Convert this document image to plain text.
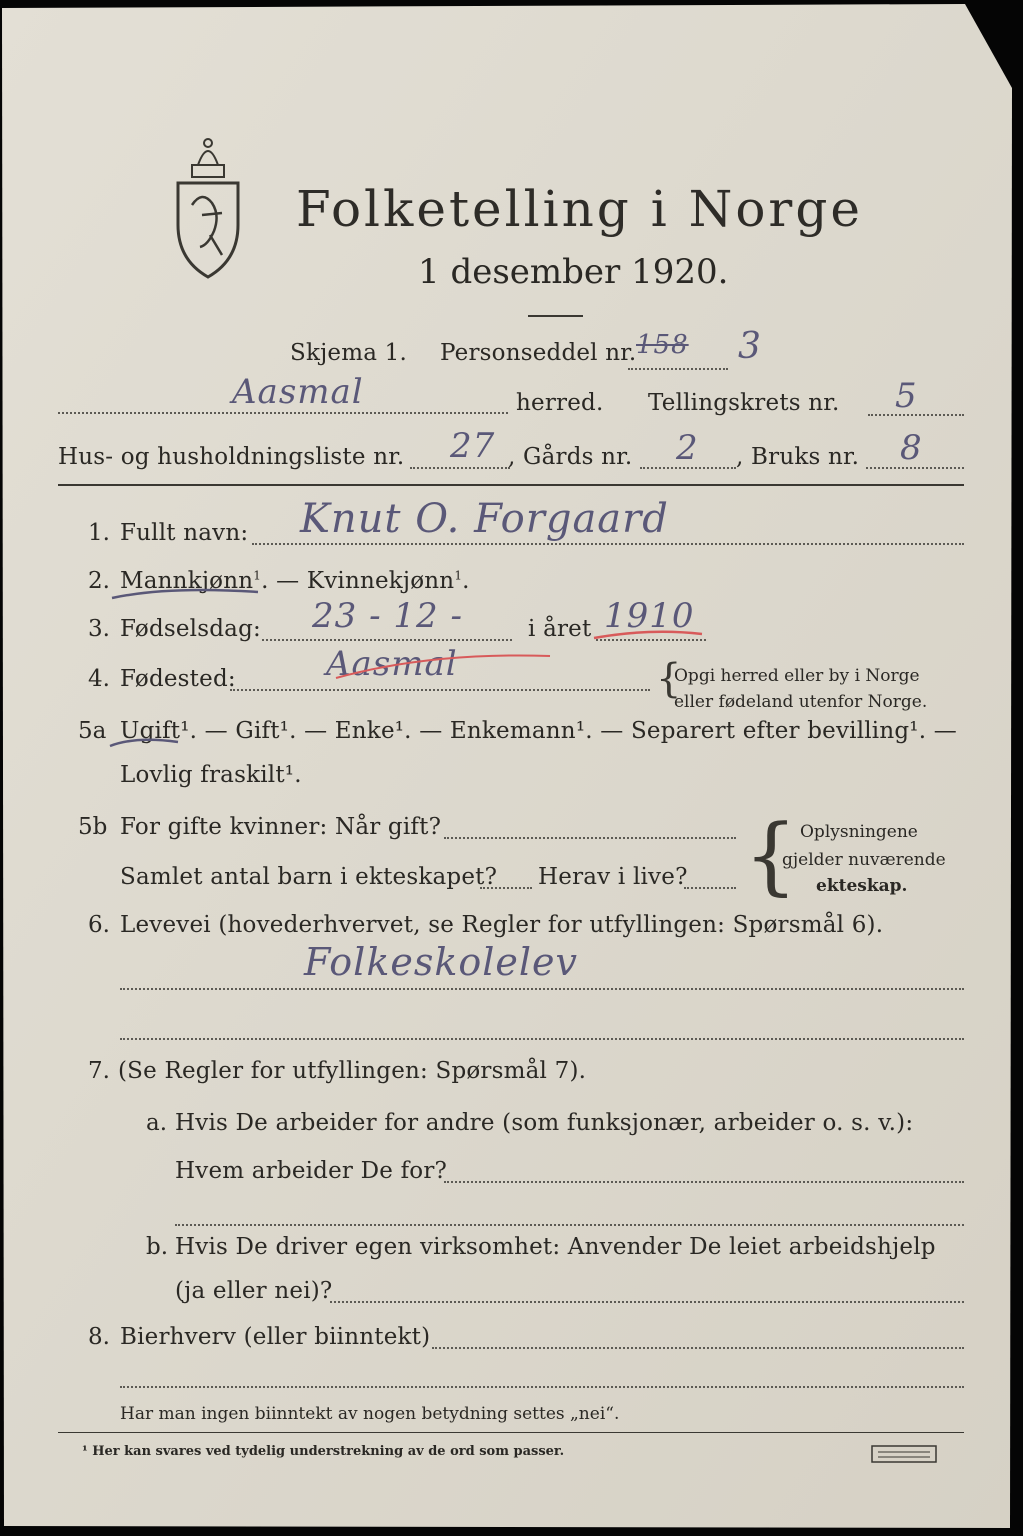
Folketelling i Norge
1 desember 1920.
Skjema 1. Personseddel nr. 158 3
Aasmal	herred. Tellingskrets nr. 5
Hus- og husholdningsliste nr. 27 , Gårds nr. 2 , Bruks nr. 8
1. Fullt navn: Knut O. Forgaard
2. Mannkjønn$^1$. — Kvinnekjønn$^1$.
3. Fødselsdag: 23 - 12 -	i året 1910
4. Fødested:	Aasmal	{
Opgi herred eller by i Norge
eller fødeland utenfor Norge.
5a Ugift¹. — Gift¹. — Enke¹. — Enkemann¹. — Separert efter bevilling¹. —
Lovlig fraskilt¹.
5b For gifte kvinner: Når gift?
Samlet antal barn i ekteskapet? Herav i live? { Oplysningene
gjelder nuværende
ekteskap.
6. Levevei (hovederhvervet, se Regler for utfyllingen: Spørsmål 6).
Folkeskolelev
7. (Se Regler for utfyllingen: Spørsmål 7).
a. Hvis De arbeider for andre (som funksjonær, arbeider o. s. v.):
Hvem arbeider De for?
b. Hvis De driver egen virksomhet: Anvender De leiet arbeidshjelp
(ja eller nei)?
8. Bierhverv (eller biinntekt)
Har man ingen biinntekt av nogen betydning settes „nei“.
¹ Her kan svares ved tydelig understrekning av de ord som passer.
